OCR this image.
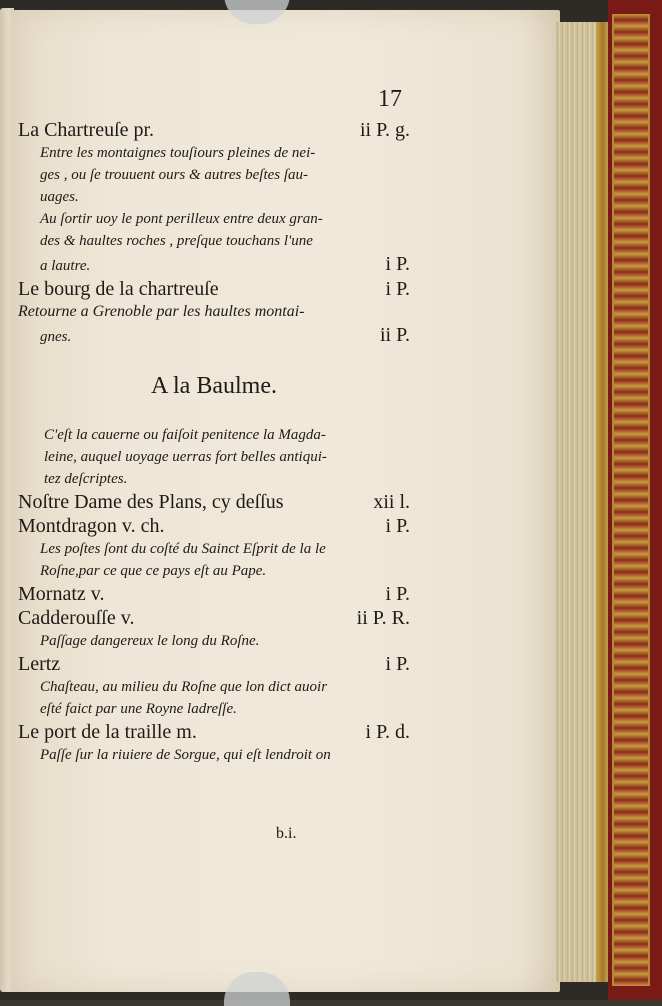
17
La Chartreuſe pr.	ii P. g.
Entre les montaignes touſiours pleines de nei-
ges , ou ſe trouuent ours & autres beſtes ſau-
uages.
Au ſortir uoy le pont perilleux entre deux gran-
des & haultes roches , preſque touchans l'une
a lautre.	i P.
Le bourg de la chartreuſe	i P.
Retourne a Grenoble par les haultes montai-
gnes.	ii P.
A la Baulme.
C'eſt la cauerne ou faiſoit penitence la Magda-
leine, auquel uoyage uerras fort belles antiqui-
tez deſcriptes.
Noſtre Dame des Plans, cy deſſus	xii l.
Montdragon v. ch.	i P.
Les poſtes ſont du coſté du Sainct Eſprit de la le
Roſne,par ce que ce pays eſt au Pape.
Mornatz v.	i P.
Cadderouſſe v.	ii P. R.
Paſſage dangereux le long du Roſne.
Lertz	i P.
Chaſteau, au milieu du Roſne que lon dict auoir
eſté faict par une Royne ladreſſe.
Le port de la traille m.	i P. d.
Paſſe ſur la riuiere de Sorgue, qui eſt lendroit on
b.i.
